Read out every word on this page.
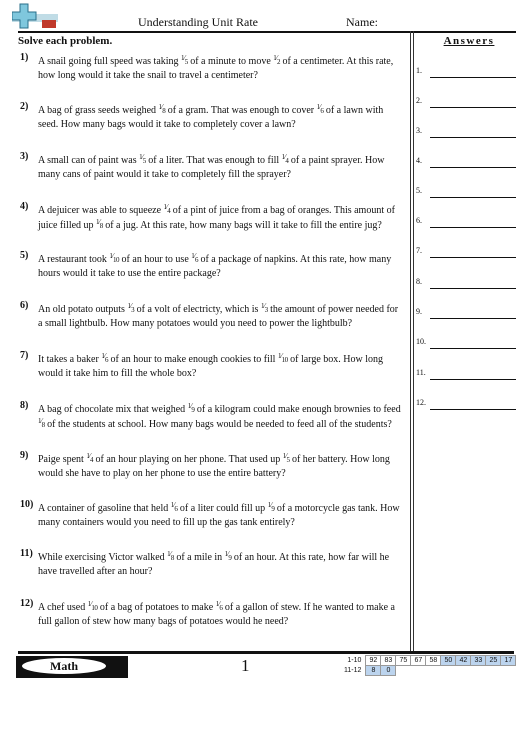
Understanding Unit Rate	Name:
Solve each problem.	Answers
1.
2.
3.
4.
5.
6.
7.
8.
9.
10.
11.
12.
1) A snail going full speed was taking 1⁄5 of a minute to move 1⁄2 of a centimeter. At this rate, how long would it take the snail to travel a centimeter?
2) A bag of grass seeds weighed 1⁄8 of a gram. That was enough to cover 1⁄6 of a lawn with seed. How many bags would it take to completely cover a lawn?
3) A small can of paint was 1⁄5 of a liter. That was enough to fill 1⁄4 of a paint sprayer. How many cans of paint would it take to completely fill the sprayer?
4) A dejuicer was able to squeeze 1⁄4 of a pint of juice from a bag of oranges. This amount of juice filled up 1⁄8 of a jug. At this rate, how many bags will it take to fill the entire jug?
5) A restaurant took 1⁄10 of an hour to use 1⁄6 of a package of napkins. At this rate, how many hours would it take to use the entire package?
6) An old potato outputs 1⁄3 of a volt of electricty, which is 1⁄3 the amount of power needed for a small lightbulb. How many potatoes would you need to power the lightbulb?
7) It takes a baker 1⁄6 of an hour to make enough cookies to fill 1⁄10 of large box. How long would it take him to fill the whole box?
8) A bag of chocolate mix that weighed 1⁄9 of a kilogram could make enough brownies to feed 1⁄8 of the students at school. How many bags would be needed to feed all of the students?
9) Paige spent 1⁄4 of an hour playing on her phone. That used up 1⁄5 of her battery. How long would she have to play on her phone to use the entire battery?
10) A container of gasoline that held 1⁄6 of a liter could fill up 1⁄9 of a motorcycle gas tank. How many containers would you need to fill up the gas tank entirely?
11) While exercising Victor walked 1⁄8 of a mile in 1⁄9 of an hour. At this rate, how far will he have travelled after an hour?
12) A chef used 1⁄10 of a bag of potatoes to make 1⁄6 of a gallon of stew. If he wanted to make a full gallon of stew how many bags of potatoes would he need?
Math	1	1-10	92	83	75	67	58	50	42	33	25	17
11-12	8	0								
